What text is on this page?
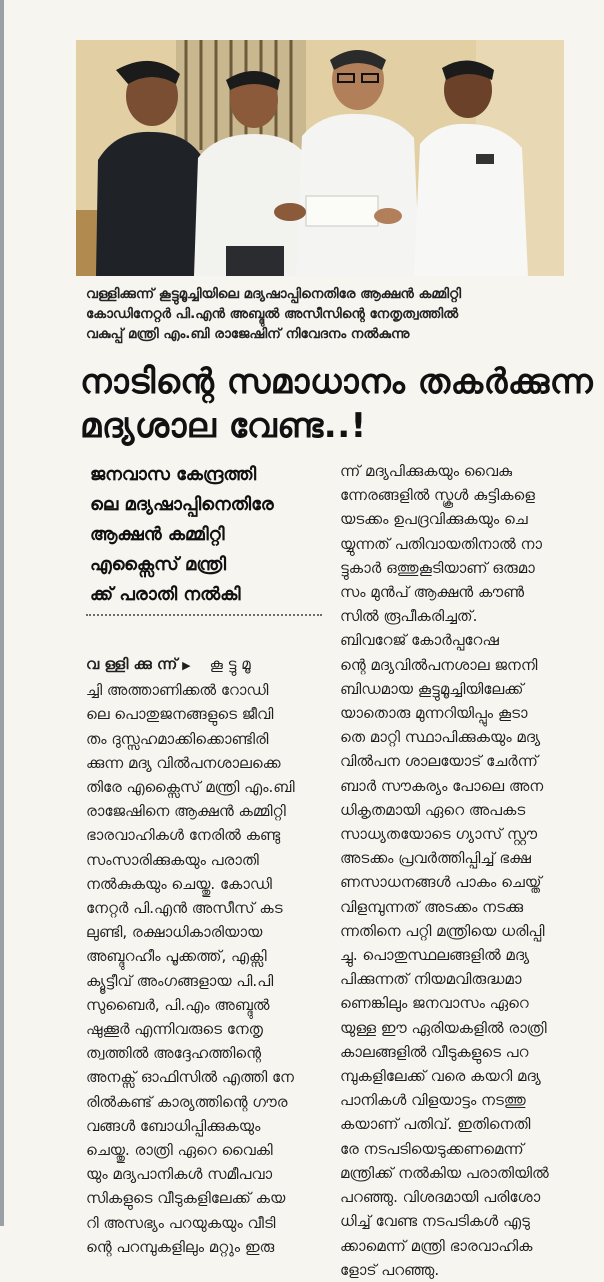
വള്ളിക്കുന്ന് കൂട്ടുമൂച്ചിയിലെ മദ്യഷാപ്പിനെതിരേ ആക്ഷൻ കമ്മിറ്റി
കോഡിനേറ്റർ പി.എൻ അബ്ദുൽ അസീസിന്റെ നേതൃത്വത്തിൽ
വകുപ്പ് മന്ത്രി എം.ബി രാജേഷിന് നിവേദനം നൽകുന്നു
നാടിന്റെ സമാധാനം തകർക്കുന്ന
മദ്യശാല വേണ്ട..!
ജനവാസ കേന്ദ്രത്തി
ലെ മദ്യഷാപ്പിനെതിരേ
ആക്ഷൻ കമ്മിറ്റി
എക്സൈസ് മന്ത്രി
ക്ക് പരാതി നൽകി
വ ള്ളി ക്കു ന്ന് ▶ കൂ ട്ടു മൂ
ച്ചി അത്താണിക്കൽ റോഡി
ലെ പൊതുജനങ്ങളുടെ ജീവി
തം ദുസ്സഹമാക്കിക്കൊണ്ടിരി
ക്കുന്ന മദ്യ വിൽപനശാലക്കെ
തിരേ എക്സൈസ് മന്ത്രി എം.ബി
രാജേഷിനെ ആക്ഷൻ കമ്മിറ്റി
ഭാരവാഹികൾ നേരിൽ കണ്ടു
സംസാരിക്കുകയും പരാതി
നൽകുകയും ചെയ്തു. കോഡി
നേറ്റർ പി.എൻ അസീസ് കട
ലുണ്ടി, രക്ഷാധികാരിയായ
അബ്ദുറഹീം പൂക്കത്ത്, എക്സി
ക്യൂട്ടീവ് അംഗങ്ങളായ പി.പി
സുബൈർ, പി.എം അബ്ദുൽ
ഷുക്കൂർ എന്നിവരുടെ നേതൃ
ത്വത്തിൽ അദ്ദേഹത്തിന്റെ
അനക്സ് ഓഫിസിൽ എത്തി നേ
രിൽകണ്ട് കാര്യത്തിന്റെ ഗൗര
വങ്ങൾ ബോധിപ്പിക്കുകയും
ചെയ്തു. രാത്രി ഏറെ വൈകി
യും മദ്യപാനികൾ സമീപവാ
സികളുടെ വീടുകളിലേക്ക് കയ
റി അസഭ്യം പറയുകയും വീടി
ന്റെ പറമ്പുകളിലും മറ്റും ഇരു
ന്ന് മദ്യപിക്കുകയും വൈകു
ന്നേരങ്ങളിൽ സ്കൂൾ കുട്ടികളെ
യടക്കം ഉപദ്രവിക്കുകയും ചെ
യ്യുന്നത് പതിവായതിനാൽ നാ
ട്ടുകാർ ഒത്തുകൂടിയാണ് ഒരുമാ
സം മുൻപ് ആക്ഷൻ കൗൺ
സിൽ രൂപീകരിച്ചത്.
ബിവറേജ് കോർപ്പറേഷ
ന്റെ മദ്യവിൽപനശാല ജനനി
ബിഡമായ കൂട്ടുമൂച്ചിയിലേക്ക്
യാതൊരു മുന്നറിയിപ്പും കൂടാ
തെ മാറ്റി സ്ഥാപിക്കുകയും മദ്യ
വിൽപന ശാലയോട് ചേർന്ന്
ബാർ സൗകര്യം പോലെ അന
ധികൃതമായി ഏറെ അപകട
സാധ്യതയോടെ ഗ്യാസ് സ്റ്റൗ
അടക്കം പ്രവർത്തിപ്പിച്ച് ഭക്ഷ
ണസാധനങ്ങൾ പാകം ചെയ്ത്
വിളമ്പുന്നത് അടക്കം നടക്കു
ന്നതിനെ പറ്റി മന്ത്രിയെ ധരിപ്പി
ച്ചു. പൊതുസ്ഥലങ്ങളിൽ മദ്യ
പിക്കുന്നത് നിയമവിരുദ്ധമാ
ണെങ്കിലും ജനവാസം ഏറെ
യുള്ള ഈ ഏരിയകളിൽ രാത്രി
കാലങ്ങളിൽ വീടുകളുടെ പറ
മ്പുകളിലേക്ക് വരെ കയറി മദ്യ
പാനികൾ വിളയാട്ടം നടത്തു
കയാണ് പതിവ്. ഇതിനെതി
രേ നടപടിയെടുക്കണമെന്ന്
മന്ത്രിക്ക് നൽകിയ പരാതിയിൽ
പറഞ്ഞു. വിശദമായി പരിശോ
ധിച്ച് വേണ്ട നടപടികൾ എടു
ക്കാമെന്ന് മന്ത്രി ഭാരവാഹിക
ളോട് പറഞ്ഞു.
